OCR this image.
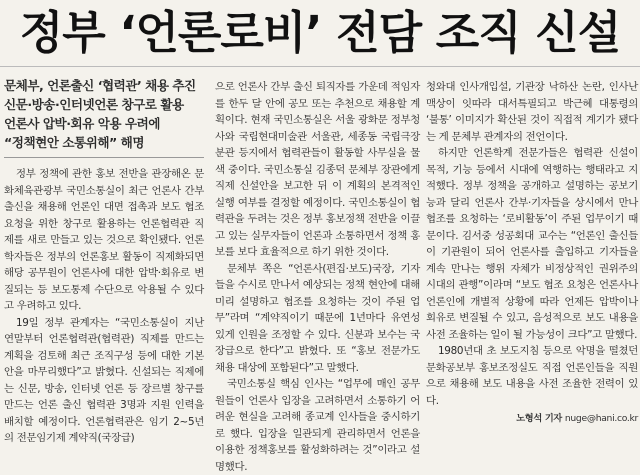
정부 ‘언론로비’ 전담 조직 신설
문체부, 언론출신 ‘협력관’ 채용 추진
신문·방송·인터넷언론 창구로 활용
언론사 압박·회유 악용 우려에
“정책현안 소통위해” 해명

정부 정책에 관한 홍보 전반을 관장해온 문화체육관광부 국민소통실이 최근 언론사 간부 출신을 채용해 언론인 대면 접촉과 보도 협조 요청을 위한 창구로 활용하는 언론협력관 직제를 새로 만들고 있는 것으로 확인됐다. 언론 학자들은 정부의 언론홍보 활동이 직제화되면 해당 공무원이 언론사에 대한 압박·회유로 변질되는 등 보도통제 수단으로 악용될 수 있다고 우려하고 있다.

19일 정부 관계자는 “국민소통실이 지난 연말부터 언론협력관(협력관) 직제를 만드는 계획을 검토해 최근 조직구성 등에 대한 기본안을 마무리했다”고 밝혔다. 신설되는 직제에는 신문, 방송, 인터넷 언론 등 장르별 창구를 만드는 언론 출신 협력관 3명과 지원 인력을 배치할 예정이다. 언론협력관은 임기 2~5년의 전문임기제 계약직(국장급)

으로 언론사 간부 출신 퇴직자를 가운데 적임자를 한두 달 안에 공모 또는 추천으로 채용할 계획이다. 현재 국민소통실은 서울 광화문 정부청사와 국립현대미술관 서울관, 세종동 국립극장 분관 등지에서 협력관들이 활동할 사무실을 물색 중이다. 국민소통실 김종덕 문체부 장관에게 직제 신설안을 보고한 뒤 이 계획의 본격적인 실행 여부를 결정할 예정이다. 국민소통실이 협력관을 두려는 것은 정부 홍보정책 전반을 이끌고 있는 실무자들이 언론과 소통하면서 정책 홍보를 보다 효율적으로 하기 위한 것이다.

문체부 쪽은 “언론사(편집·보도)국장, 기자들을 수시로 만나서 예상되는 정책 현안에 대해 미리 설명하고 협조를 요청하는 것이 주된 업무”라며 “계약직이기 때문에 1년마다 유연성 있게 인원을 조정할 수 있다. 신분과 보수는 국장급으로 한다”고 밝혔다. 또 “홍보 전문가도 채용 대상에 포함된다”고 말했다.

국민소통실 핵심 인사는 “업무에 매인 공무원들이 언론사 입장을 고려하면서 소통하기 어려운 현실을 고려해 종교계 인사들을 중시하기로 했다. 입장을 일관되게 관리하면서 언론을 이용한 정책홍보를 활성화하려는 것”이라고 설명했다.

청와대 인사개입설, 기관장 낙하산 논란, 인사난맥상이 잇따라 대서특필되고 박근혜 대통령의 ‘불통’ 이미지가 확산된 것이 직접적 계기가 됐다는 게 문체부 관계자의 전언이다.

하지만 언론학계 전문가들은 협력관 신설이 목적, 기능 등에서 시대에 역행하는 행태라고 지적했다. 정부 정책을 공개하고 설명하는 공보기능과 달리 언론사 간부·기자들을 상시에서 만나 협조를 요청하는 ‘로비활동’이 주된 업무이기 때문이다. 김서중 성공회대 교수는 “언론인 출신들이 기관원이 되어 언론사를 출입하고 기자들을 계속 만나는 행위 자체가 비정상적인 권위주의 시대의 관행”이라며 “보도 협조 요청은 언론사나 언론인에 개별적 상황에 따라 언제든 압박이나 회유로 변질될 수 있고, 음성적으로 보도 내용을 사전 조율하는 일이 될 가능성이 크다”고 말했다.

1980년대 초 보도지침 등으로 악명을 떨쳤던 문화공보부 홍보조정실도 직접 언론인들을 직원으로 채용해 보도 내용을 사전 조율한 전력이 있다.

노형석 기자 nuge@hani.co.kr
